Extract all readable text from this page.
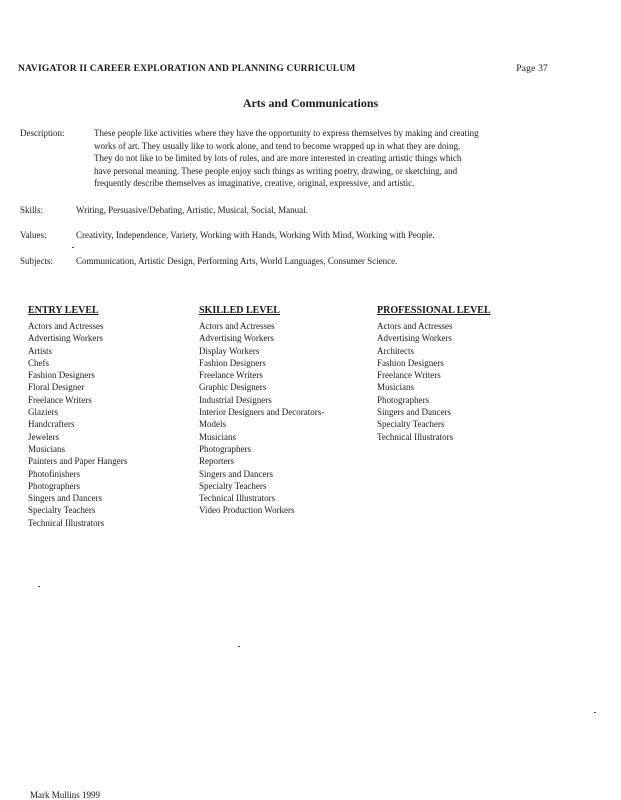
NAVIGATOR II CAREER EXPLORATION AND PLANNING CURRICULUM	Page 37
Arts and Communications
Description:	These people like activities where they have the opportunity to express themselves by making and creating
works of art. They usually like to work alone, and tend to become wrapped up in what they are doing.
They do not like to be limited by lots of rules, and are more interested in creating artistic things which
have personal meaning. These people enjoy such things as writing poetry, drawing, or sketching, and
frequently describe themselves as imaginative, creative, original, expressive, and artistic.
Skills:	Writing, Persuasive/Debating, Artistic, Musical, Social, Manual.
Values:	Creativity, Independence, Variety, Working with Hands, Working With Mind, Working with People.
Subjects:	Communication, Artistic Design, Performing Arts, World Languages, Consumer Science.
ENTRY LEVEL
Actors and Actresses
Advertising Workers
Artists
Chefs
Fashion Designers
Floral Designer
Freelance Writers
Glaziers
Handcrafters
Jewelers
Musicians
Painters and Paper Hangers
Photofinishers
Photographers
Singers and Dancers
Specialty Teachers
Technical Illustrators
SKILLED LEVEL
Actors and Actresses
Advertising Workers
Display Workers
Fashion Designers
Freelance Writers
Graphic Designers
Industrial Designers
Interior Designers and Decorators-
Models
Musicians
Photographers
Reporters
Singers and Dancers
Specialty Teachers
Technical Illustrators
Video Production Workers
PROFESSIONAL LEVEL
Actors and Actresses
Advertising Workers
Architects
Fashion Designers
Freelance Writers
Musicians
Photographers
Singers and Dancers
Specialty Teachers
Technical Illustrators
Mark Mullins 1999
